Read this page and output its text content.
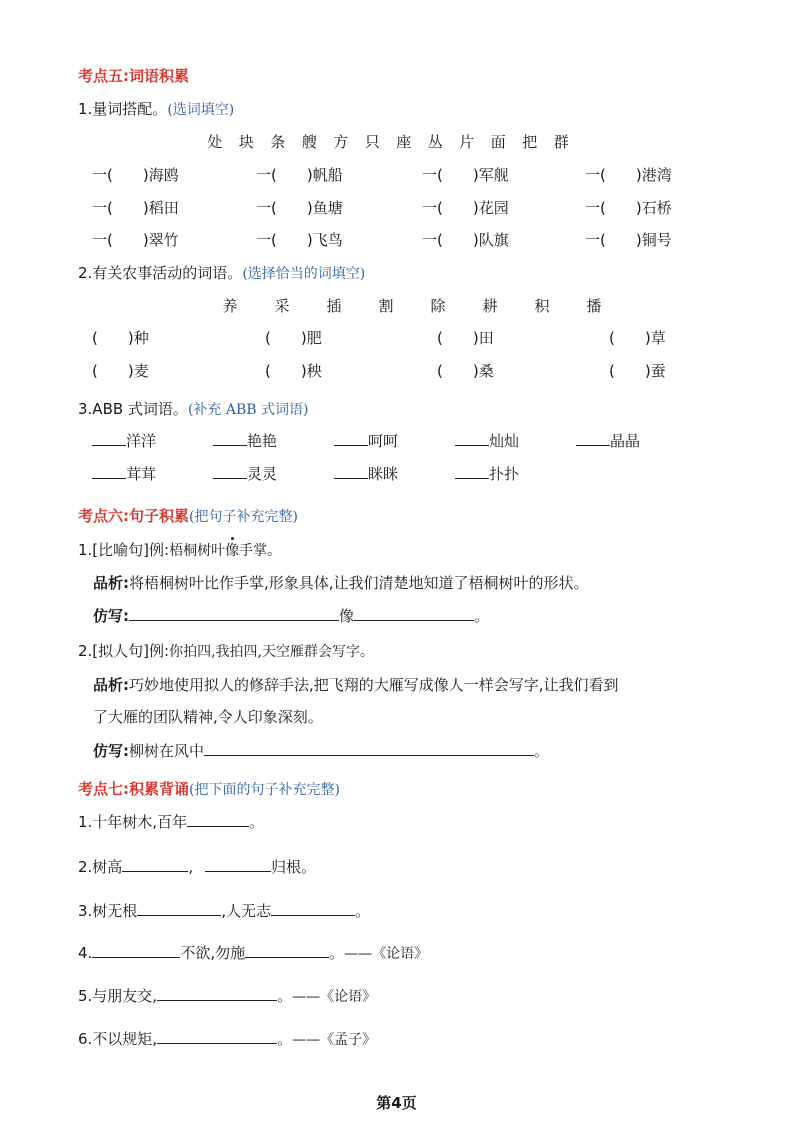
考点五:词语积累
1.量词搭配。(选词填空)
处	块	条	艘	方	只	座	丛	片	面	把	群
一(　　)海鸥	一(　　)帆船	一(　　)军舰	一(　　)港湾
一(　　)稻田	一(　　)鱼塘	一(　　)花园	一(　　)石桥
一(　　)翠竹	一(　　)飞鸟	一(　　)队旗	一(　　)铜号
2.有关农事活动的词语。(选择恰当的词填空)
养	采	插	割	除	耕	积	播
(　　)种	(　　)肥	(　　)田	(　　)草
(　　)麦	(　　)秧	(　　)桑	(　　)蚕
3.ABB 式词语。(补充 ABB 式词语)
洋洋	艳艳	呵呵	灿灿	晶晶
茸茸	灵灵	眯眯	扑扑
考点六:句子积累(把句子补充完整)
1.[比喻句]例:梧桐树叶像手掌。
品析:将梧桐树叶比作手掌,形象具体,让我们清楚地知道了梧桐树叶的形状。
仿写:	像	。
2.[拟人句]例:你拍四,我拍四,天空雁群会写字。
品析:巧妙地使用拟人的修辞手法,把飞翔的大雁写成像人一样会写字,让我们看到
了大雁的团队精神,令人印象深刻。
仿写:柳树在风中	。
考点七:积累背诵(把下面的句子补充完整)
1.十年树木,百年	。
2.树高	,	归根。
3.树无根	,人无志	。
4.	不欲,勿施	。——《论语》
5.与朋友交,	。——《论语》
6.不以规矩,	。——《孟子》
第4页
